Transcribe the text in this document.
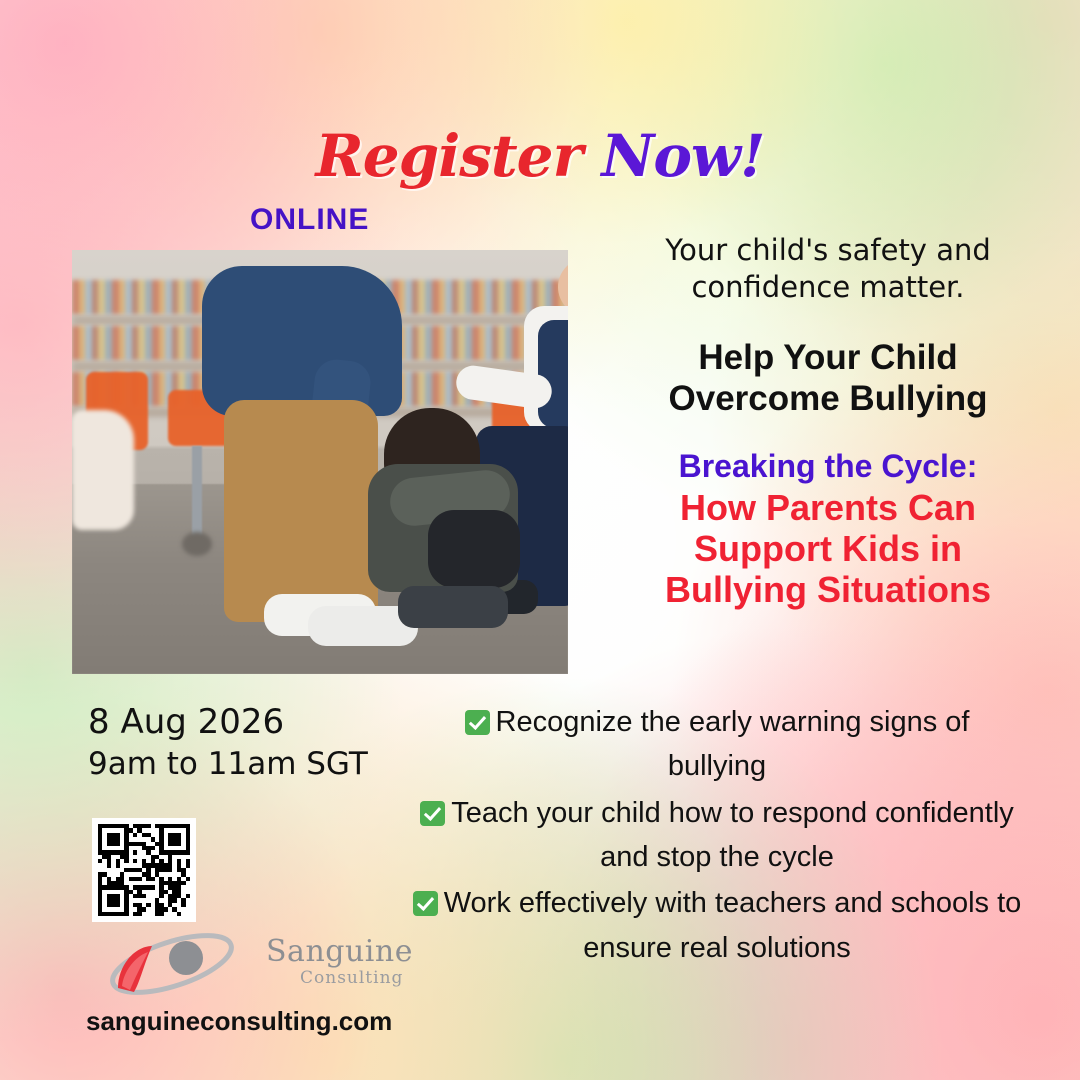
Register Now!
ONLINE
Your child's safety and confidence matter.
Help Your Child
Overcome Bullying
Breaking the Cycle:
How Parents Can
Support Kids in
Bullying Situations
8 Aug 2026
9am to 11am SGT
Sanguine
Consulting
sanguineconsulting.com
Recognize the early warning signs of bullying
Teach your child how to respond confidently and stop the cycle
Work effectively with teachers and schools to ensure real solutions
